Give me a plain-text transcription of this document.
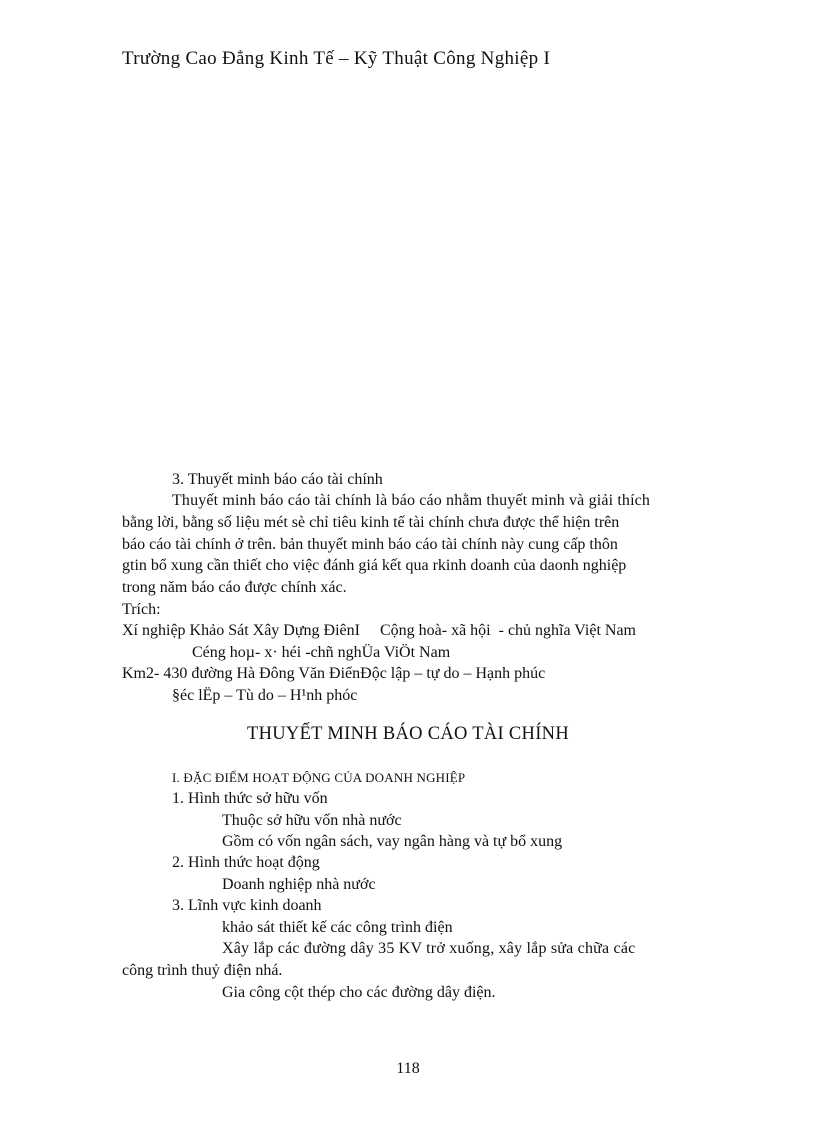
Trường Cao Đẳng Kinh Tế – Kỹ Thuật Công Nghiệp I
3. Thuyết minh báo cáo tài chính
Thuyết minh báo cáo tài chính là báo cáo nhằm thuyết minh và giải thích
bằng lời, bằng số liệu mét sè chỉ tiêu kinh tế tài chính chưa được thể hiện trên
báo cáo tài chính ở trên. bản thuyết minh báo cáo tài chính này cung cấp thôn
gtin bổ xung cần thiết cho việc đánh giá kết qua rkinh doanh của daonh nghiệp
trong năm báo cáo được chính xác.
Trích:
Xí nghiệp Khảo Sát Xây Dựng ĐiênI     Cộng hoà- xã hội  - chủ nghĩa Việt Nam
Céng hoµ- x· héi -chñ nghÜa ViÖt Nam
Km2- 430 đường Hà Đông Văn ĐiểnĐộc lập – tự do – Hạnh phúc
§éc lËp – Tù do – H¹nh phóc
THUYẾT MINH BÁO CÁO TÀI CHÍNH
I. ĐẶC ĐIỂM HOẠT ĐỘNG CỦA DOANH NGHIỆP
1. Hình thức sở hữu vốn
Thuộc sở hữu vốn nhà nước
Gồm có vốn ngân sách, vay ngân hàng và tự bổ xung
2. Hình thức hoạt động
Doanh nghiệp nhà nước
3. Lĩnh vực kinh doanh
khảo sát thiết kế các công trình điện
Xây lắp các đường dây 35 KV trở xuống, xây lắp sửa chữa các
công trình thuỷ điện nhá.
Gia công cột thép cho các đường dây điện.
118
